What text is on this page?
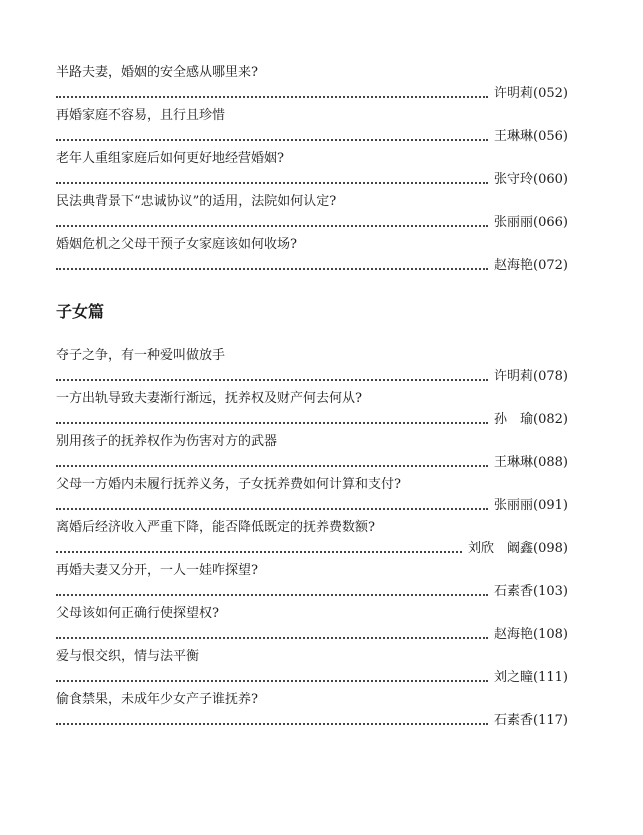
半路夫妻，婚姻的安全感从哪里来?
许明莉(052)
再婚家庭不容易，且行且珍惜
王琳琳(056)
老年人重组家庭后如何更好地经营婚姻?
张守玲(060)
民法典背景下“忠诚协议”的适用，法院如何认定?
张丽丽(066)
婚姻危机之父母干预子女家庭该如何收场?
赵海艳(072)
子女篇
夺子之争，有一种爱叫做放手
许明莉(078)
一方出轨导致夫妻渐行渐远，抚养权及财产何去何从?
孙　瑜(082)
别用孩子的抚养权作为伤害对方的武器
王琳琳(088)
父母一方婚内未履行抚养义务，子女抚养费如何计算和支付?
张丽丽(091)
离婚后经济收入严重下降，能否降低既定的抚养费数额?
刘欣　阚鑫(098)
再婚夫妻又分开，一人一娃咋探望?
石素香(103)
父母该如何正确行使探望权?
赵海艳(108)
爱与恨交织，情与法平衡
刘之瞳(111)
偷食禁果，未成年少女产子谁抚养?
石素香(117)
